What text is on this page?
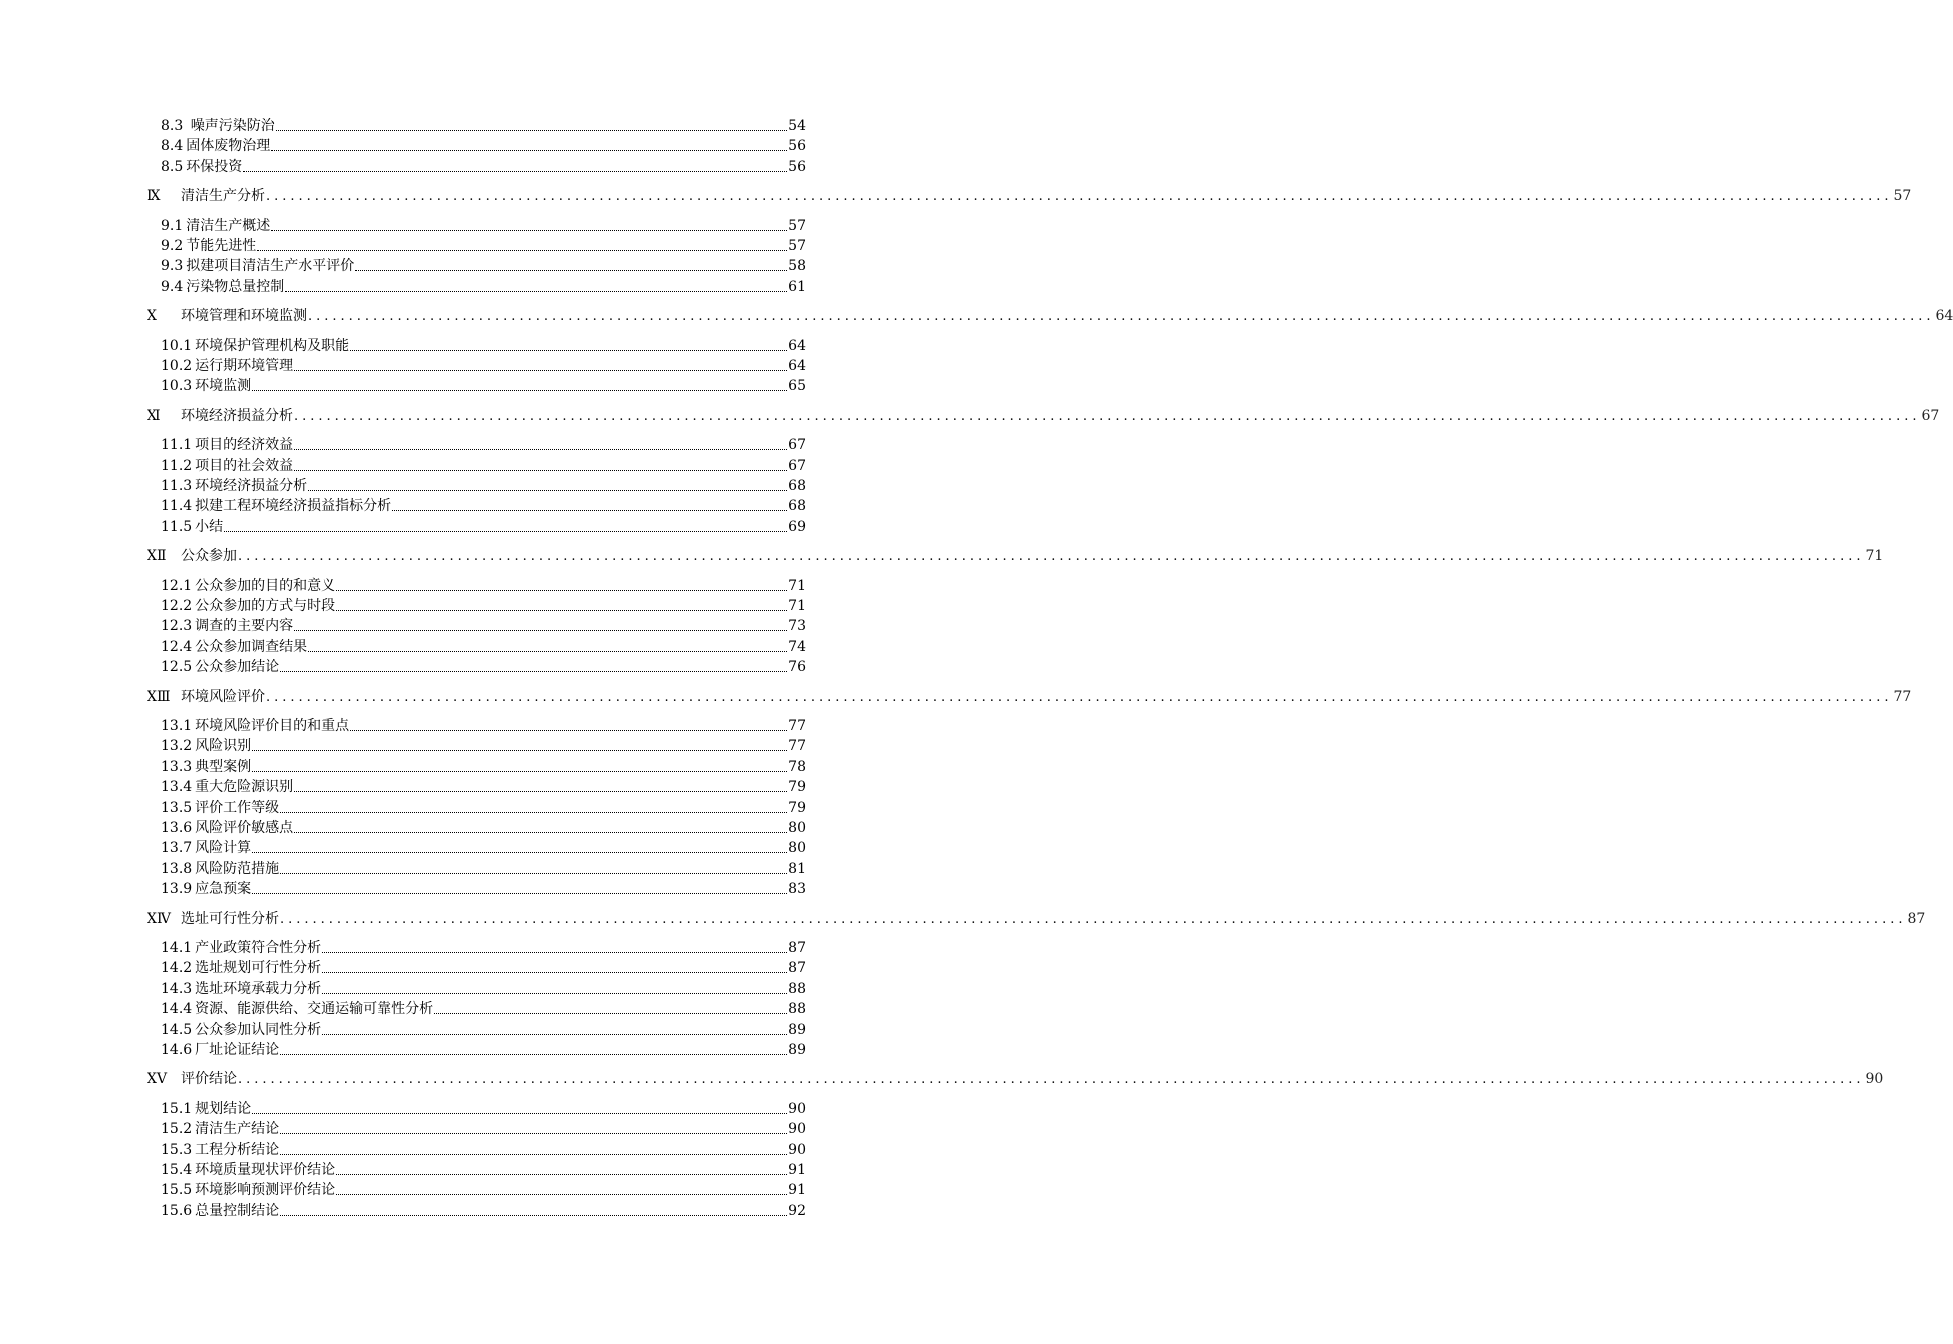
8.3 噪声污染防治	54
8.4 固体废物治理	56
8.5 环保投资	56
Ⅸ 清洁生产分析 ........................................................................................................................................................................................................ 57
9.1 清洁生产概述	57
9.2 节能先进性	57
9.3 拟建项目清洁生产水平评价	58
9.4 污染物总量控制	61
Ⅹ 环境管理和环境监测 ........................................................................................................................................................................................................ 64
10.1 环境保护管理机构及职能	64
10.2 运行期环境管理	64
10.3 环境监测	65
Ⅺ 环境经济损益分析 ........................................................................................................................................................................................................ 67
11.1 项目的经济效益	67
11.2 项目的社会效益	67
11.3 环境经济损益分析	68
11.4 拟建工程环境经济损益指标分析	68
11.5 小结	69
ⅩⅡ 公众参加 ........................................................................................................................................................................................................ 71
12.1 公众参加的目的和意义	71
12.2 公众参加的方式与时段	71
12.3 调查的主要内容	73
12.4 公众参加调查结果	74
12.5 公众参加结论	76
ⅩⅢ 环境风险评价 ........................................................................................................................................................................................................ 77
13.1 环境风险评价目的和重点	77
13.2 风险识别	77
13.3 典型案例	78
13.4 重大危险源识别	79
13.5 评价工作等级	79
13.6 风险评价敏感点	80
13.7 风险计算	80
13.8 风险防范措施	81
13.9 应急预案	83
ⅩⅣ 选址可行性分析 ........................................................................................................................................................................................................ 87
14.1 产业政策符合性分析	87
14.2 选址规划可行性分析	87
14.3 选址环境承载力分析	88
14.4 资源、能源供给、交通运输可靠性分析	88
14.5 公众参加认同性分析	89
14.6 厂址论证结论	89
ⅩⅤ 评价结论 ........................................................................................................................................................................................................ 90
15.1 规划结论	90
15.2 清洁生产结论	90
15.3 工程分析结论	90
15.4 环境质量现状评价结论	91
15.5 环境影响预测评价结论	91
15.6 总量控制结论	92
